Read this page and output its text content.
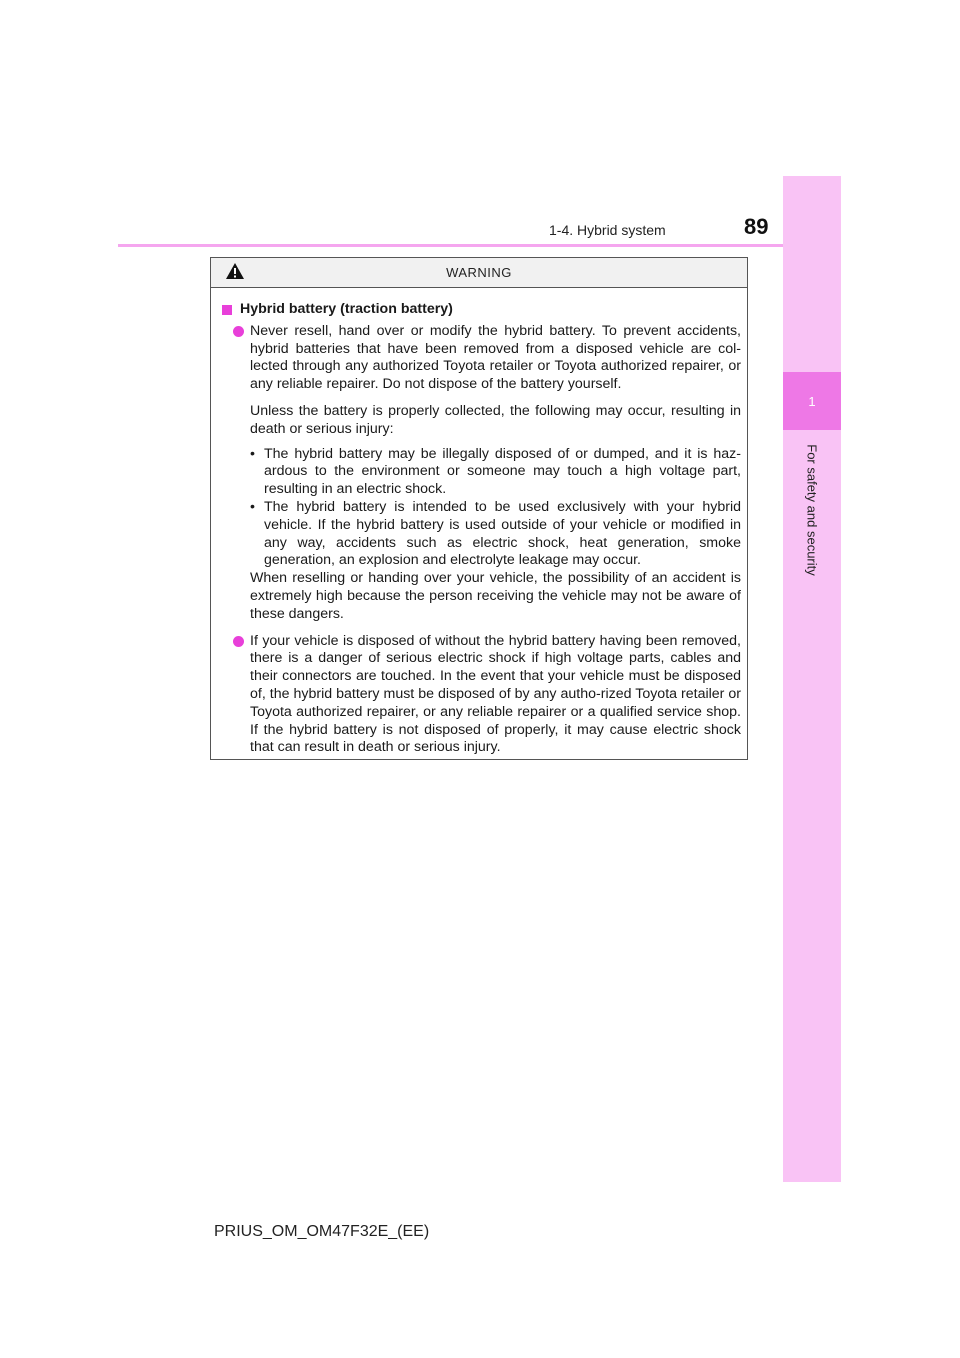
1
For safety and security
1-4. Hybrid system	89
WARNING
Hybrid battery (traction battery)

Never resell, hand over or modify the hybrid battery. To prevent accidents, hybrid batteries that have been removed from a disposed vehicle are col-lected through any authorized Toyota retailer or Toyota authorized repairer, or any reliable repairer. Do not dispose of the battery yourself.

Unless the battery is properly collected, the following may occur, resulting in death or serious injury:

• The hybrid battery may be illegally disposed of or dumped, and it is haz-ardous to the environment or someone may touch a high voltage part, resulting in an electric shock.
• The hybrid battery is intended to be used exclusively with your hybrid vehicle. If the hybrid battery is used outside of your vehicle or modified in any way, accidents such as electric shock, heat generation, smoke generation, an explosion and electrolyte leakage may occur.

When reselling or handing over your vehicle, the possibility of an accident is extremely high because the person receiving the vehicle may not be aware of these dangers.

If your vehicle is disposed of without the hybrid battery having been removed, there is a danger of serious electric shock if high voltage parts, cables and their connectors are touched. In the event that your vehicle must be disposed of, the hybrid battery must be disposed of by any autho-rized Toyota retailer or Toyota authorized repairer, or any reliable repairer or a qualified service shop. If the hybrid battery is not disposed of properly, it may cause electric shock that can result in death or serious injury.

PRIUS_OM_OM47F32E_(EE)
